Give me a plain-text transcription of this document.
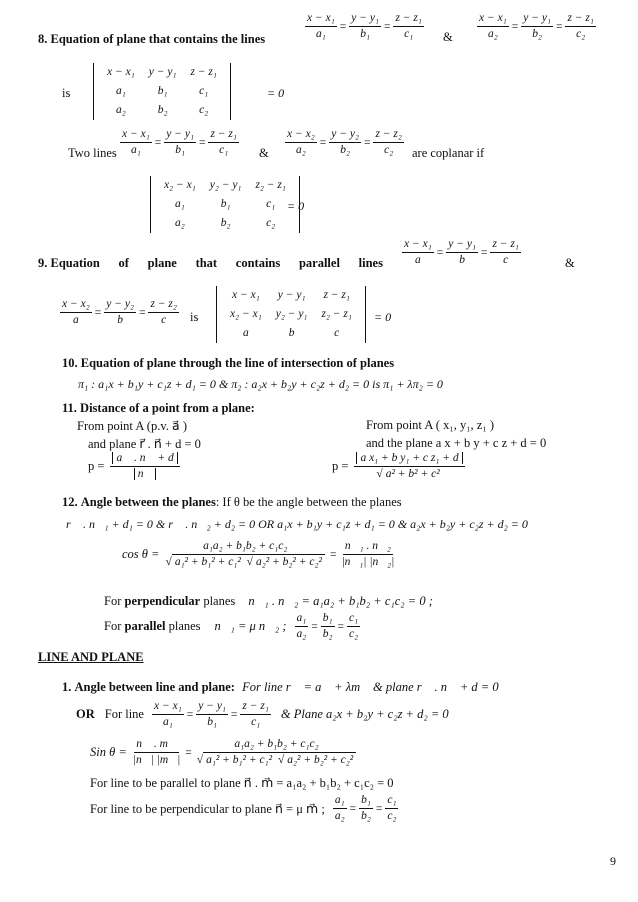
8. Equation of plane that contains the lines	$\frac{\text{x − x₁}}{\text{a₁}} = \frac{\text{y − y₁}}{\text{b₁}} = \frac{\text{z − z₁}}{\text{c₁}}$ & $\frac{\text{x − x₁}}{\text{a₂}} = \frac{\text{y − y₁}}{\text{b₂}} = \frac{\text{z − z₁}}{\text{c₂}}$
is
x − x₁	y − y₁	z − z₁
a₁	b₁	c₁
a₂	b₂	c₂
= 0
Two lines $\frac{\text{x − x₁}}{\text{a₁}} = \frac{\text{y − y₁}}{\text{b₁}} = \frac{\text{z − z₁}}{\text{c₁}}$ & $\frac{\text{x − x₂}}{\text{a₂}} = \frac{\text{y − y₂}}{\text{b₂}} = \frac{\text{z − z₂}}{\text{c₂}}$ are coplanar if
x₂ − x₁	y₂ − y₁	z₂ − z₁
a₁	b₁	c₁
a₂	b₂	c₂
= 0
9. Equation of plane that contains parallel lines $\frac{\text{x − x₁}}{a} = \frac{\text{y − y₁}}{b} = \frac{\text{z − z₁}}{c}$	&
$\frac{\text{x − x₂}}{a} = \frac{\text{y − y₂}}{b} = \frac{\text{z − z₂}}{c}$ is
x − x₁	y − y₁	z − z₁
x₂ − x₁	y₂ − y₁	z₂ − z₁
a	b	c
= 0
10. Equation of plane through the line of intersection of planes
π₁ : a₁x + b₁y + c₁z + d₁ = 0 & π₂ : a₂x + b₂y + c₂z + d₂ = 0 is π₁ + λπ₂ = 0
11. Distance of a point from a plane:
From point A (p.v. a⃗ )
and plane r⃗ . n⃗ + d = 0
$p = \frac{a⃗ . n⃗ + d}{n⃗}$
From point A ( x₁, y₁, z₁ )
and the plane a x + b y + c z + d = 0
$p = \frac{\text{a x₁ + b y₁ + c z₁ + d}}{\text{√ a² + b² + c²}}$
12. Angle between the planes: If θ be the angle between the planes
r⃗ . n⃗₁ + d₁ = 0 & r⃗ . n⃗₂ + d₂ = 0 OR a₁x + b₁y + c₁z + d₁ = 0 & a₂x + b₂y + c₂z + d₂ = 0
$\cos \theta = \frac{\text{a₁a₂ + b₁b₂ + c₁c₂}}{\text{√ a₁² + b₁² + c₁² √ a₂² + b₂² + c₂²}} = \frac{\text{n⃗₁ . n⃗₂}}{\text{|n⃗₁| |n⃗₂|}}$
For perpendicular planes n⃗₁ . n⃗₂ = a₁a₂ + b₁b₂ + c₁c₂ = 0 ;
For parallel planes n⃗₁ = μ n⃗₂ ; $\frac{\text{a₁}}{\text{a₂}} = \frac{\text{b₁}}{\text{b₂}} = \frac{\text{c₁}}{\text{c₂}}$
LINE AND PLANE
1. Angle between line and plane: For line r⃗ = a⃗ + λm⃗ & plane r⃗ . n⃗ + d = 0
OR For line $\frac{\text{x − x₁}}{\text{a₁}} = \frac{\text{y − y₁}}{\text{b₁}} = \frac{\text{z − z₁}}{\text{c₁}}$ & Plane a₂x + b₂y + c₂z + d₂ = 0
Sin $\theta = \frac{n⃗ . m⃗}{|n⃗| |m⃗|} = \frac{\text{a₁a₂ + b₁b₂ + c₁c₂}}{\text{√ a₁² + b₁² + c₁² √ a₂² + b₂² + c₂²}}$
For line to be parallel to plane n⃗ . m⃗ = a₁a₂ + b₁b₂ + c₁c₂ = 0
For line to be perpendicular to plane n⃗ = μ m⃗ ; $\frac{\text{a₁}}{\text{a₂}} = \frac{\text{b₁}}{\text{b₂}} = \frac{\text{c₁}}{\text{c₂}}$
9
